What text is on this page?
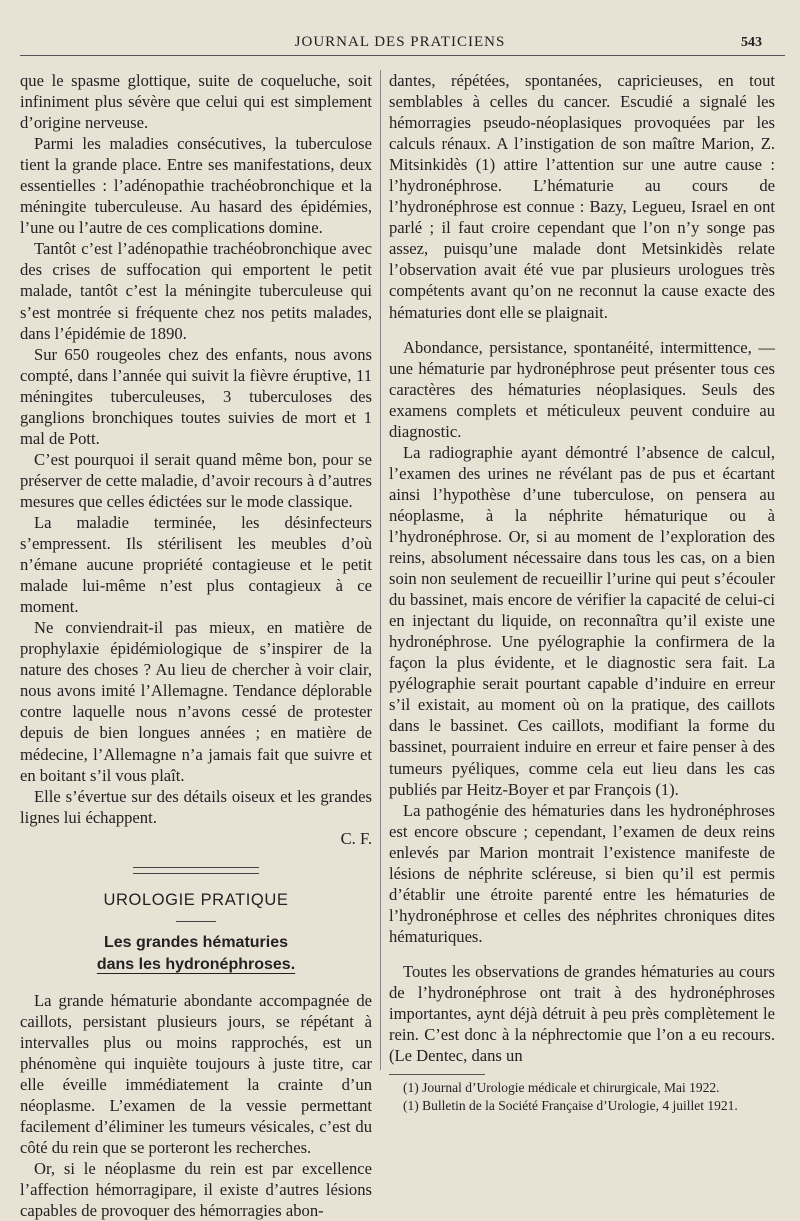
JOURNAL DES PRATICIENS	543

que le spasme glottique, suite de coqueluche, soit infiniment plus sévère que celui qui est simplement d’origine nerveuse.

Parmi les maladies consécutives, la tuberculose tient la grande place. Entre ses manifestations, deux essentielles : l’adénopathie trachéobronchique et la méningite tuberculeuse. Au hasard des épidémies, l’une ou l’autre de ces complications domine.

Tantôt c’est l’adénopathie trachéobronchique avec des crises de suffocation qui emportent le petit malade, tantôt c’est la méningite tuberculeuse qui s’est montrée si fréquente chez nos petits malades, dans l’épidémie de 1890.

Sur 650 rougeoles chez des enfants, nous avons compté, dans l’année qui suivit la fièvre éruptive, 11 méningites tuberculeuses, 3 tuberculoses des ganglions bronchiques toutes suivies de mort et 1 mal de Pott.

C’est pourquoi il serait quand même bon, pour se préserver de cette maladie, d’avoir recours à d’autres mesures que celles édictées sur le mode classique.

La maladie terminée, les désinfecteurs s’empressent. Ils stérilisent les meubles d’où n’émane aucune propriété contagieuse et le petit malade lui-même n’est plus contagieux à ce moment.

Ne conviendrait-il pas mieux, en matière de prophylaxie épidémiologique de s’inspirer de la nature des choses ? Au lieu de chercher à voir clair, nous avons imité l’Allemagne. Tendance déplorable contre laquelle nous n’avons cessé de protester depuis de bien longues années ; en matière de médecine, l’Allemagne n’a jamais fait que suivre et en boitant s’il vous plaît.

Elle s’évertue sur des détails oiseux et les grandes lignes lui échappent.

C. F.
UROLOGIE PRATIQUE
Les grandes hématuries
dans les hydronéphroses.

La grande hématurie abondante accompagnée de caillots, persistant plusieurs jours, se répétant à intervalles plus ou moins rapprochés, est un phénomène qui inquiète toujours à juste titre, car elle éveille immédiatement la crainte d’un néoplasme. L’examen de la vessie permettant facilement d’éliminer les tumeurs vésicales, c’est du côté du rein que se porteront les recherches.

Or, si le néoplasme du rein est par excellence l’affection hémorragipare, il existe d’autres lésions capables de provoquer des hémorragies abon-

dantes, répétées, spontanées, capricieuses, en tout semblables à celles du cancer. Escudié a signalé les hémorragies pseudo-néoplasiques provoquées par les calculs rénaux. A l’instigation de son maître Marion, Z. Mitsinkidès (1) attire l’attention sur une autre cause : l’hydronéphrose. L’hématurie au cours de l’hydronéphrose est connue : Bazy, Legueu, Israel en ont parlé ; il faut croire cependant que l’on n’y songe pas assez, puisqu’une malade dont Metsinkidès relate l’observation avait été vue par plusieurs urologues très compétents avant qu’on ne reconnut la cause exacte des hématuries dont elle se plaignait.

Abondance, persistance, spontanéité, intermittence, — une hématurie par hydronéphrose peut présenter tous ces caractères des hématuries néoplasiques. Seuls des examens complets et méticuleux peuvent conduire au diagnostic.

La radiographie ayant démontré l’absence de calcul, l’examen des urines ne révélant pas de pus et écartant ainsi l’hypothèse d’une tuberculose, on pensera au néoplasme, à la néphrite hématurique ou à l’hydronéphrose. Or, si au moment de l’exploration des reins, absolument nécessaire dans tous les cas, on a bien soin non seulement de recueillir l’urine qui peut s’écouler du bassinet, mais encore de vérifier la capacité de celui-ci en injectant du liquide, on reconnaîtra qu’il existe une hydronéphrose. Une pyélographie la confirmera de la façon la plus évidente, et le diagnostic sera fait. La pyélographie serait pourtant capable d’induire en erreur s’il existait, au moment où on la pratique, des caillots dans le bassinet. Ces caillots, modifiant la forme du bassinet, pourraient induire en erreur et faire penser à des tumeurs pyéliques, comme cela eut lieu dans les cas publiés par Heitz-Boyer et par François (1).

La pathogénie des hématuries dans les hydronéphroses est encore obscure ; cependant, l’examen de deux reins enlevés par Marion montrait l’existence manifeste de lésions de néphrite scléreuse, si bien qu’il est permis d’établir une étroite parenté entre les hématuries de l’hydronéphrose et celles des néphrites chroniques dites hématuriques.

Toutes les observations de grandes hématuries au cours de l’hydronéphrose ont trait à des hydronéphroses importantes, aynt déjà détruit à peu près complètement le rein. C’est donc à la néphrectomie que l’on a eu recours. (Le Dentec, dans un

(1) Journal d’Urologie médicale et chirurgicale, Mai 1922.

(1) Bulletin de la Société Française d’Urologie, 4 juillet 1921.
